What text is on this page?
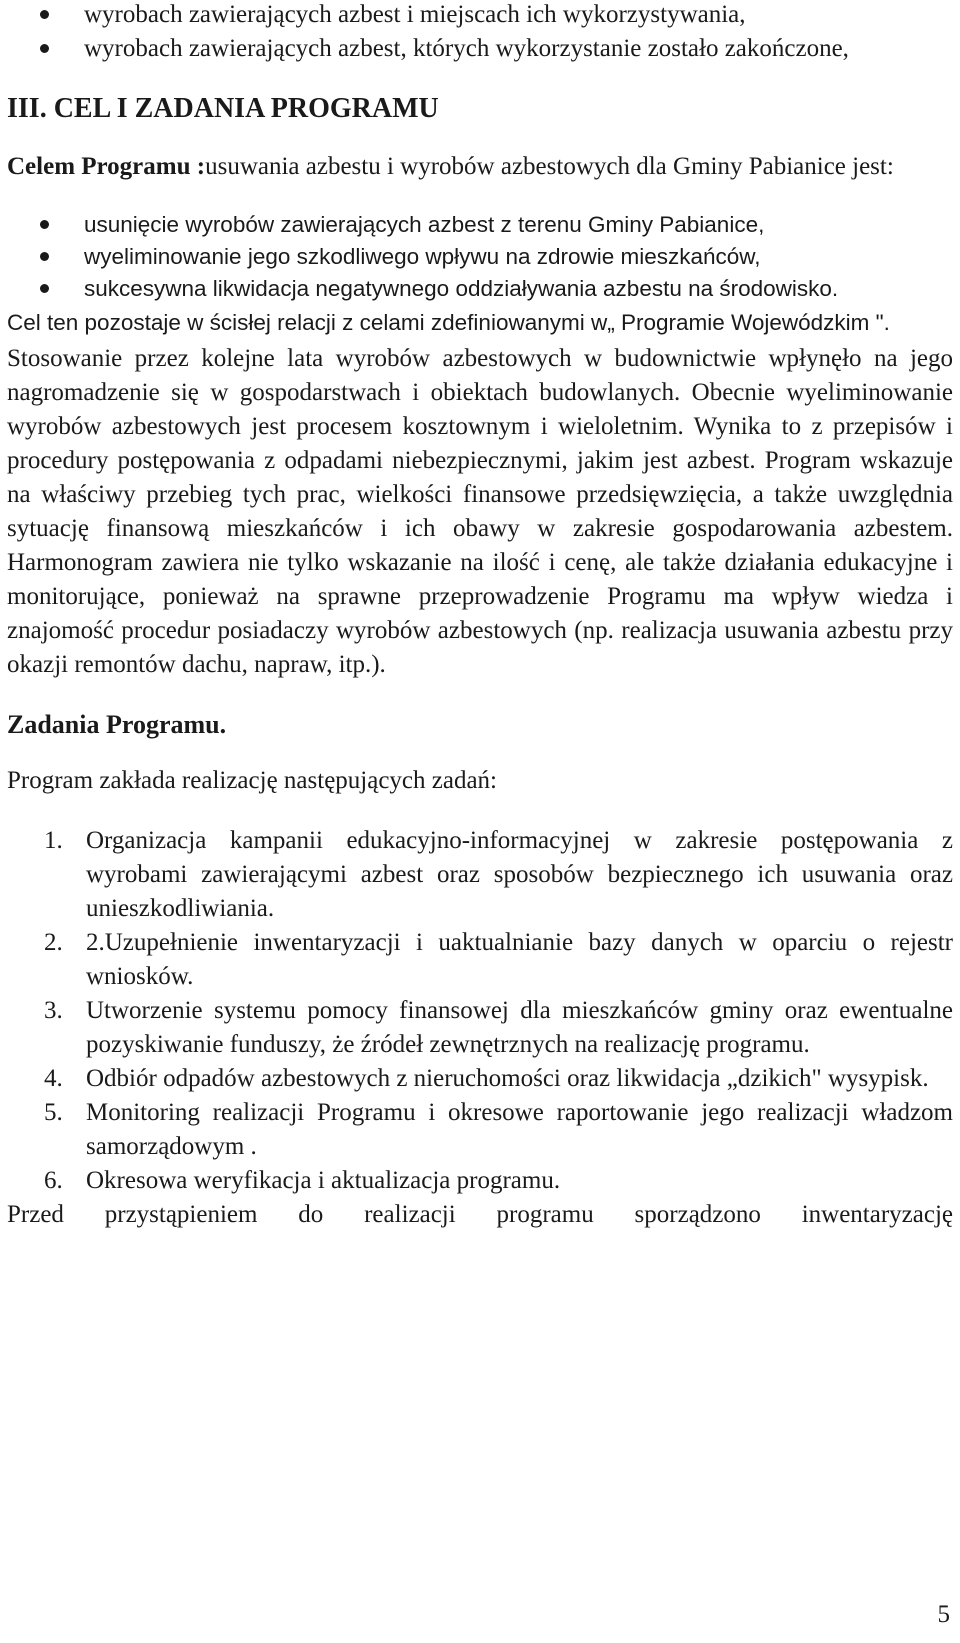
wyrobach zawierających azbest i miejscach ich wykorzystywania,
wyrobach zawierających azbest, których wykorzystanie zostało zakończone,
III. CEL I ZADANIA PROGRAMU

Celem Programu :usuwania azbestu i wyrobów azbestowych dla Gminy Pabianice jest:

usunięcie wyrobów zawierających azbest z terenu Gminy Pabianice,
wyeliminowanie jego szkodliwego wpływu na zdrowie mieszkańców,
sukcesywna likwidacja negatywnego oddziaływania azbestu na środowisko.

Cel ten pozostaje w ścisłej relacji z celami zdefiniowanymi w„ Programie Wojewódzkim ".

Stosowanie przez kolejne lata wyrobów azbestowych w budownictwie wpłynęło na jego nagromadzenie się w gospodarstwach i obiektach budowlanych. Obecnie wyeliminowanie wyrobów azbestowych jest procesem kosztownym i wieloletnim. Wynika to z przepisów i procedury postępowania z odpadami niebezpiecznymi, jakim jest azbest. Program wskazuje na właściwy przebieg tych prac, wielkości finansowe przedsięwzięcia, a także uwzględnia sytuację finansową mieszkańców i ich obawy w zakresie gospodarowania azbestem. Harmonogram zawiera nie tylko wskazanie na ilość i cenę, ale także działania edukacyjne i monitorujące, ponieważ na sprawne przeprowadzenie Programu ma wpływ wiedza i znajomość procedur posiadaczy wyrobów azbestowych (np. realizacja usuwania azbestu przy okazji remontów dachu, napraw, itp.).

Zadania Programu.

Program zakłada realizację następujących zadań:

1. Organizacja kampanii edukacyjno-informacyjnej w zakresie postępowania z wyrobami zawierającymi azbest oraz sposobów bezpiecznego ich usuwania oraz unieszkodliwiania.
2. 2.Uzupełnienie inwentaryzacji i uaktualnianie bazy danych w oparciu o rejestr wniosków.
3. Utworzenie systemu pomocy finansowej dla mieszkańców gminy oraz ewentualne pozyskiwanie funduszy, że źródeł zewnętrznych na realizację programu.
4. Odbiór odpadów azbestowych z nieruchomości oraz likwidacja „dzikich" wysypisk.
5. Monitoring realizacji Programu i okresowe raportowanie jego realizacji władzom samorządowym .
6. Okresowa weryfikacja i aktualizacja programu.

Przed przystąpieniem do realizacji programu sporządzono inwentaryzację

5
